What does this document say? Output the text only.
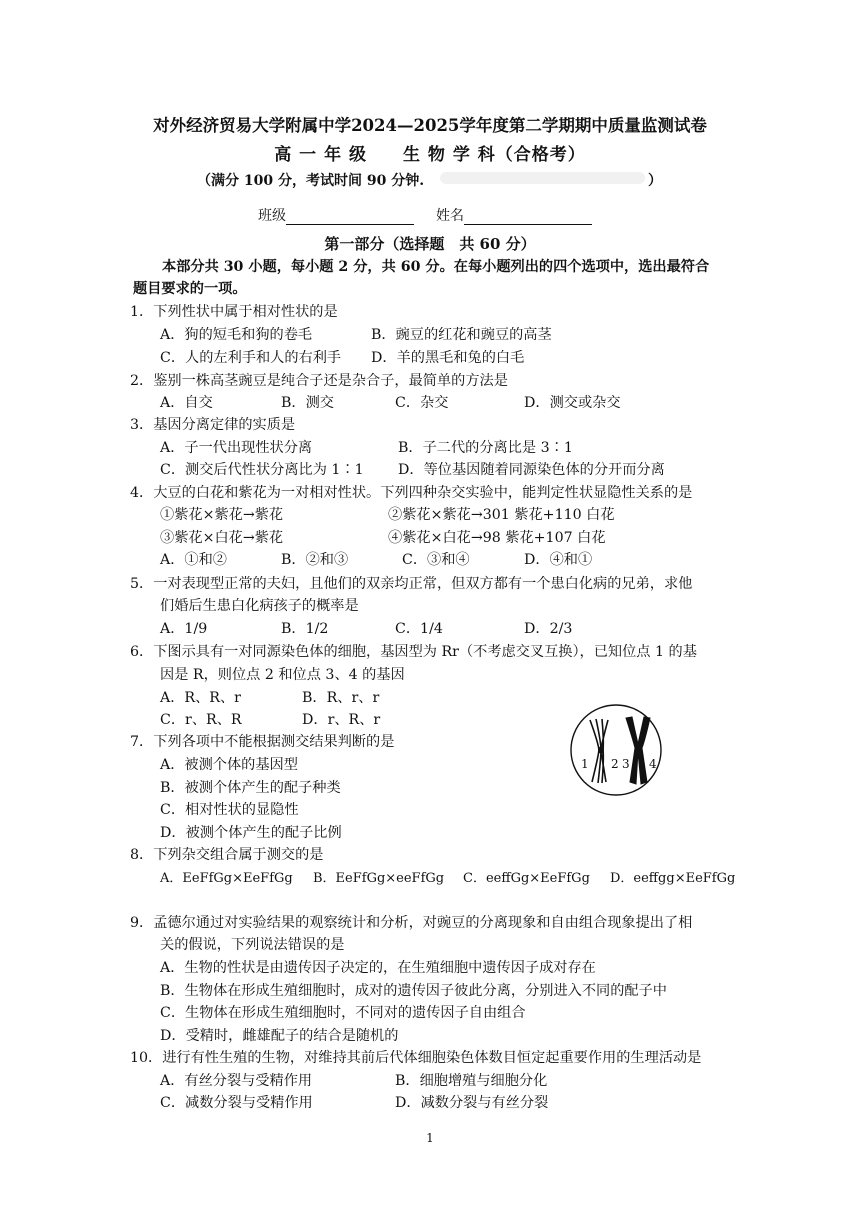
对外经济贸易大学附属中学2024—2025学年度第二学期期中质量监测试卷
高 一 年 级　　生 物 学 科（合格考）
（满分 100 分，考试时间 90 分钟.	）
班级	姓名
第一部分（选择题　共 60 分）
本部分共 30 小题，每小题 2 分，共 60 分。在每小题列出的四个选项中，选出最符合
题目要求的一项。
1．下列性状中属于相对性状的是
A．狗的短毛和狗的卷毛	B．豌豆的红花和豌豆的高茎
C．人的左利手和人的右利手 D．羊的黑毛和兔的白毛
2．鉴别一株高茎豌豆是纯合子还是杂合子，最简单的方法是
A．自交	B．测交	C．杂交	D．测交或杂交
3．基因分离定律的实质是
A．子一代出现性状分离	B．子二代的分离比是 3∶1
C．测交后代性状分离比为 1∶1 D．等位基因随着同源染色体的分开而分离
4．大豆的白花和紫花为一对相对性状。下列四种杂交实验中，能判定性状显隐性关系的是
①紫花×紫花→紫花	②紫花×紫花→301 紫花+110 白花
③紫花×白花→紫花	④紫花×白花→98 紫花+107 白花
A．①和②	B．②和③	C．③和④	D．④和①
5．一对表现型正常的夫妇，且他们的双亲均正常，但双方都有一个患白化病的兄弟，求他
们婚后生患白化病孩子的概率是
A．1/9	B．1/2	C．1/4	D．2/3
6．下图示具有一对同源染色体的细胞，基因型为 Rr（不考虑交叉互换），已知位点 1 的基
因是 R，则位点 2 和位点 3、4 的基因
A．R、R、r	B．R、r、r
C．r、R、R	D．r、R、r
1 2 3 4
7．下列各项中不能根据测交结果判断的是
A．被测个体的基因型
B．被测个体产生的配子种类
C．相对性状的显隐性
D．被测个体产生的配子比例
8．下列杂交组合属于测交的是
A．EeFfGg×EeFfGg B．EeFfGg×eeFfGg C．eeffGg×EeFfGg D．eeffgg×EeFfGg
9．孟德尔通过对实验结果的观察统计和分析，对豌豆的分离现象和自由组合现象提出了相
关的假说，下列说法错误的是
A．生物的性状是由遗传因子决定的，在生殖细胞中遗传因子成对存在
B．生物体在形成生殖细胞时，成对的遗传因子彼此分离，分别进入不同的配子中
C．生物体在形成生殖细胞时，不同对的遗传因子自由组合
D．受精时，雌雄配子的结合是随机的
10．进行有性生殖的生物，对维持其前后代体细胞染色体数目恒定起重要作用的生理活动是
A．有丝分裂与受精作用	B．细胞增殖与细胞分化
C．减数分裂与受精作用	D．减数分裂与有丝分裂
1
